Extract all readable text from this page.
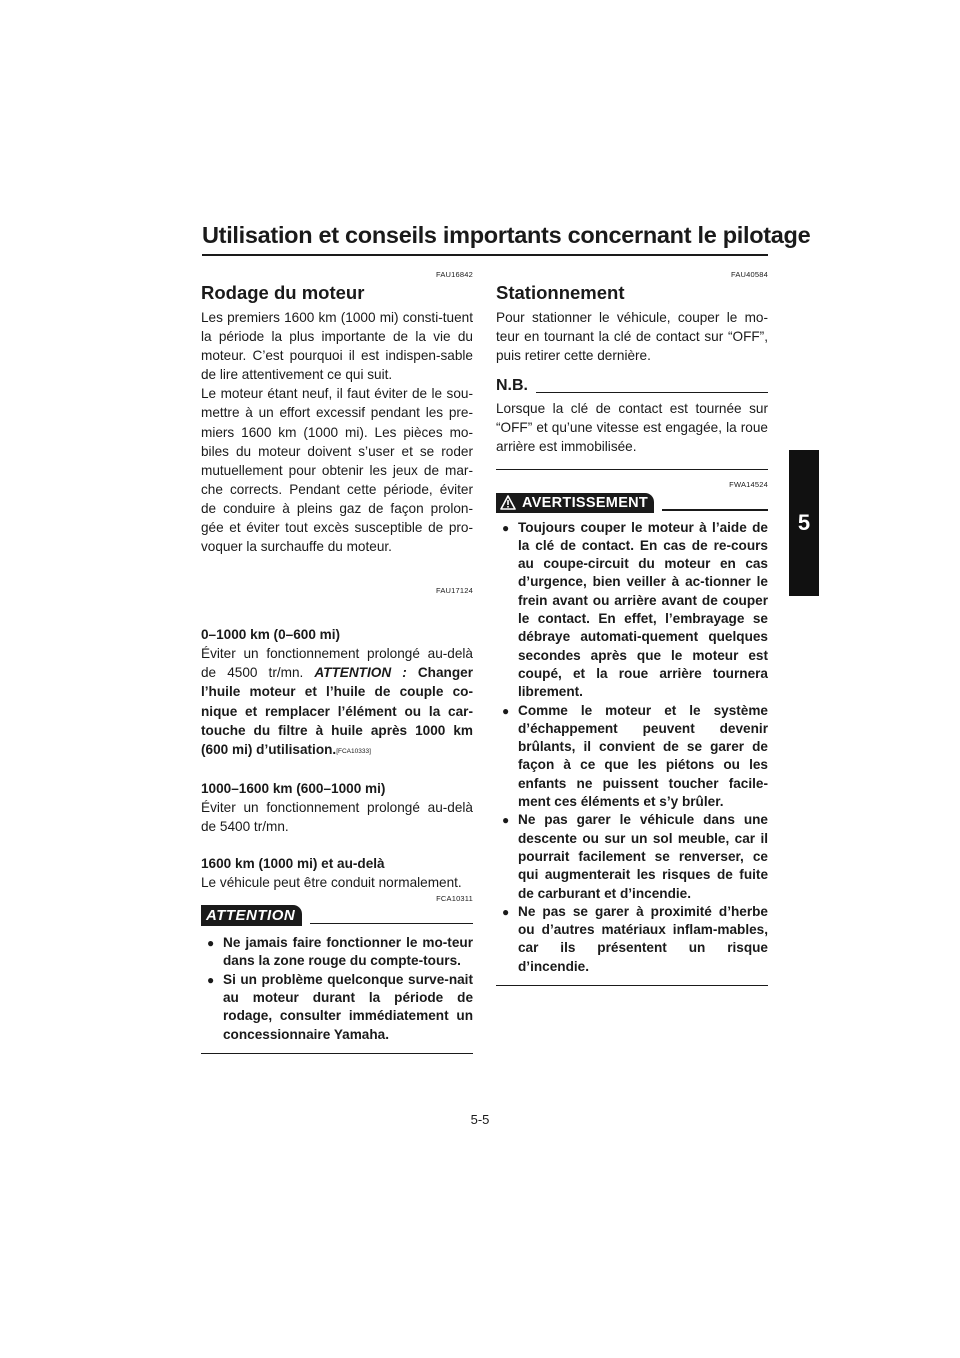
Utilisation et conseils importants concernant le pilotage
5
FAU16842
Rodage du moteur

Les premiers 1600 km (1000 mi) consti-tuent la période la plus importante de la vie du moteur. C’est pourquoi il est indispen-sable de lire attentivement ce qui suit.

Le moteur étant neuf, il faut éviter de le sou-mettre à un effort excessif pendant les pre-miers 1600 km (1000 mi). Les pièces mo-biles du moteur doivent s’user et se roder mutuellement pour obtenir les jeux de mar-che corrects. Pendant cette période, éviter de conduire à pleins gaz de façon prolon-gée et éviter tout excès susceptible de pro-voquer la surchauffe du moteur.

FAU17124
0–1000 km (0–600 mi)

Éviter un fonctionnement prolongé au-delà de 4500 tr/mn. ATTENTION : Changer l’huile moteur et l’huile de couple co-nique et remplacer l’élément ou la car-touche du filtre à huile après 1000 km (600 mi) d’utilisation.[FCA10333]

1000–1600 km (600–1000 mi)

Éviter un fonctionnement prolongé au-delà de 5400 tr/mn.

1600 km (1000 mi) et au-delà

Le véhicule peut être conduit normalement.

FCA10311
ATTENTION
● Ne jamais faire fonctionner le mo-teur dans la zone rouge du compte-tours.
● Si un problème quelconque surve-nait au moteur durant la période de rodage, consulter immédiatement un concessionnaire Yamaha.
FAU40584
Stationnement

Pour stationner le véhicule, couper le mo-teur en tournant la clé de contact sur “OFF”, puis retirer cette dernière.

N.B.

Lorsque la clé de contact est tournée sur “OFF” et qu’une vitesse est engagée, la roue arrière est immobilisée.

FWA14524
AVERTISSEMENT
● Toujours couper le moteur à l’aide de la clé de contact. En cas de re-cours au coupe-circuit du moteur en cas d’urgence, bien veiller à ac-tionner le frein avant ou arrière avant de couper le contact. En effet, l’embrayage se débraye automati-quement quelques secondes après que le moteur est coupé, et la roue arrière tournera librement.
● Comme le moteur et le système d’échappement peuvent devenir brûlants, il convient de se garer de façon à ce que les piétons ou les enfants ne puissent toucher facile-ment ces éléments et s’y brûler.
● Ne pas garer le véhicule dans une descente ou sur un sol meuble, car il pourrait facilement se renverser, ce qui augmenterait les risques de fuite de carburant et d’incendie.
● Ne pas se garer à proximité d’herbe ou d’autres matériaux inflam-mables, car ils présentent un risque d’incendie.
5-5
